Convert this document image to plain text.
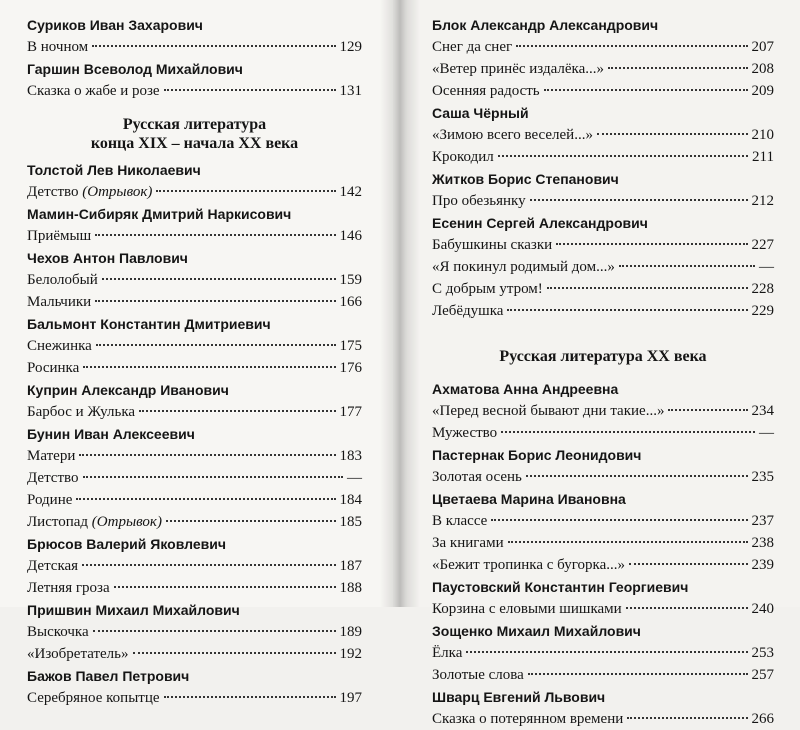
Суриков Иван Захарович
В ночном	129
Гаршин Всеволод Михайлович
Сказка о жабе и розе	131
Русская литература
конца XIX – начала XX века
Толстой Лев Николаевич
Детство (Отрывок)	142
Мамин-Сибиряк Дмитрий Наркисович
Приёмыш	146
Чехов Антон Павлович
Белолобый	159
Мальчики	166
Бальмонт Константин Дмитриевич
Снежинка	175
Росинка	176
Куприн Александр Иванович
Барбос и Жулька	177
Бунин Иван Алексеевич
Матери	183
Детство	—
Родине	184
Листопад (Отрывок)	185
Брюсов Валерий Яковлевич
Детская	187
Летняя гроза	188
Пришвин Михаил Михайлович
Выскочка	189
«Изобретатель»	192
Бажов Павел Петрович
Серебряное копытце	197
Блок Александр Александрович
Снег да снег	207
«Ветер принёс издалёка...»	208
Осенняя радость	209
Саша Чёрный
«Зимою всего веселей...»	210
Крокодил	211
Житков Борис Степанович
Про обезьянку	212
Есенин Сергей Александрович
Бабушкины сказки	227
«Я покинул родимый дом...»	—
С добрым утром!	228
Лебёдушка	229
Русская литература XX века
Ахматова Анна Андреевна
«Перед весной бывают дни такие...»	234
Мужество	—
Пастернак Борис Леонидович
Золотая осень	235
Цветаева Марина Ивановна
В классе	237
За книгами	238
«Бежит тропинка с бугорка...»	239
Паустовский Константин Георгиевич
Корзина с еловыми шишками	240
Зощенко Михаил Михайлович
Ёлка	253
Золотые слова	257
Шварц Евгений Львович
Сказка о потерянном времени	266
